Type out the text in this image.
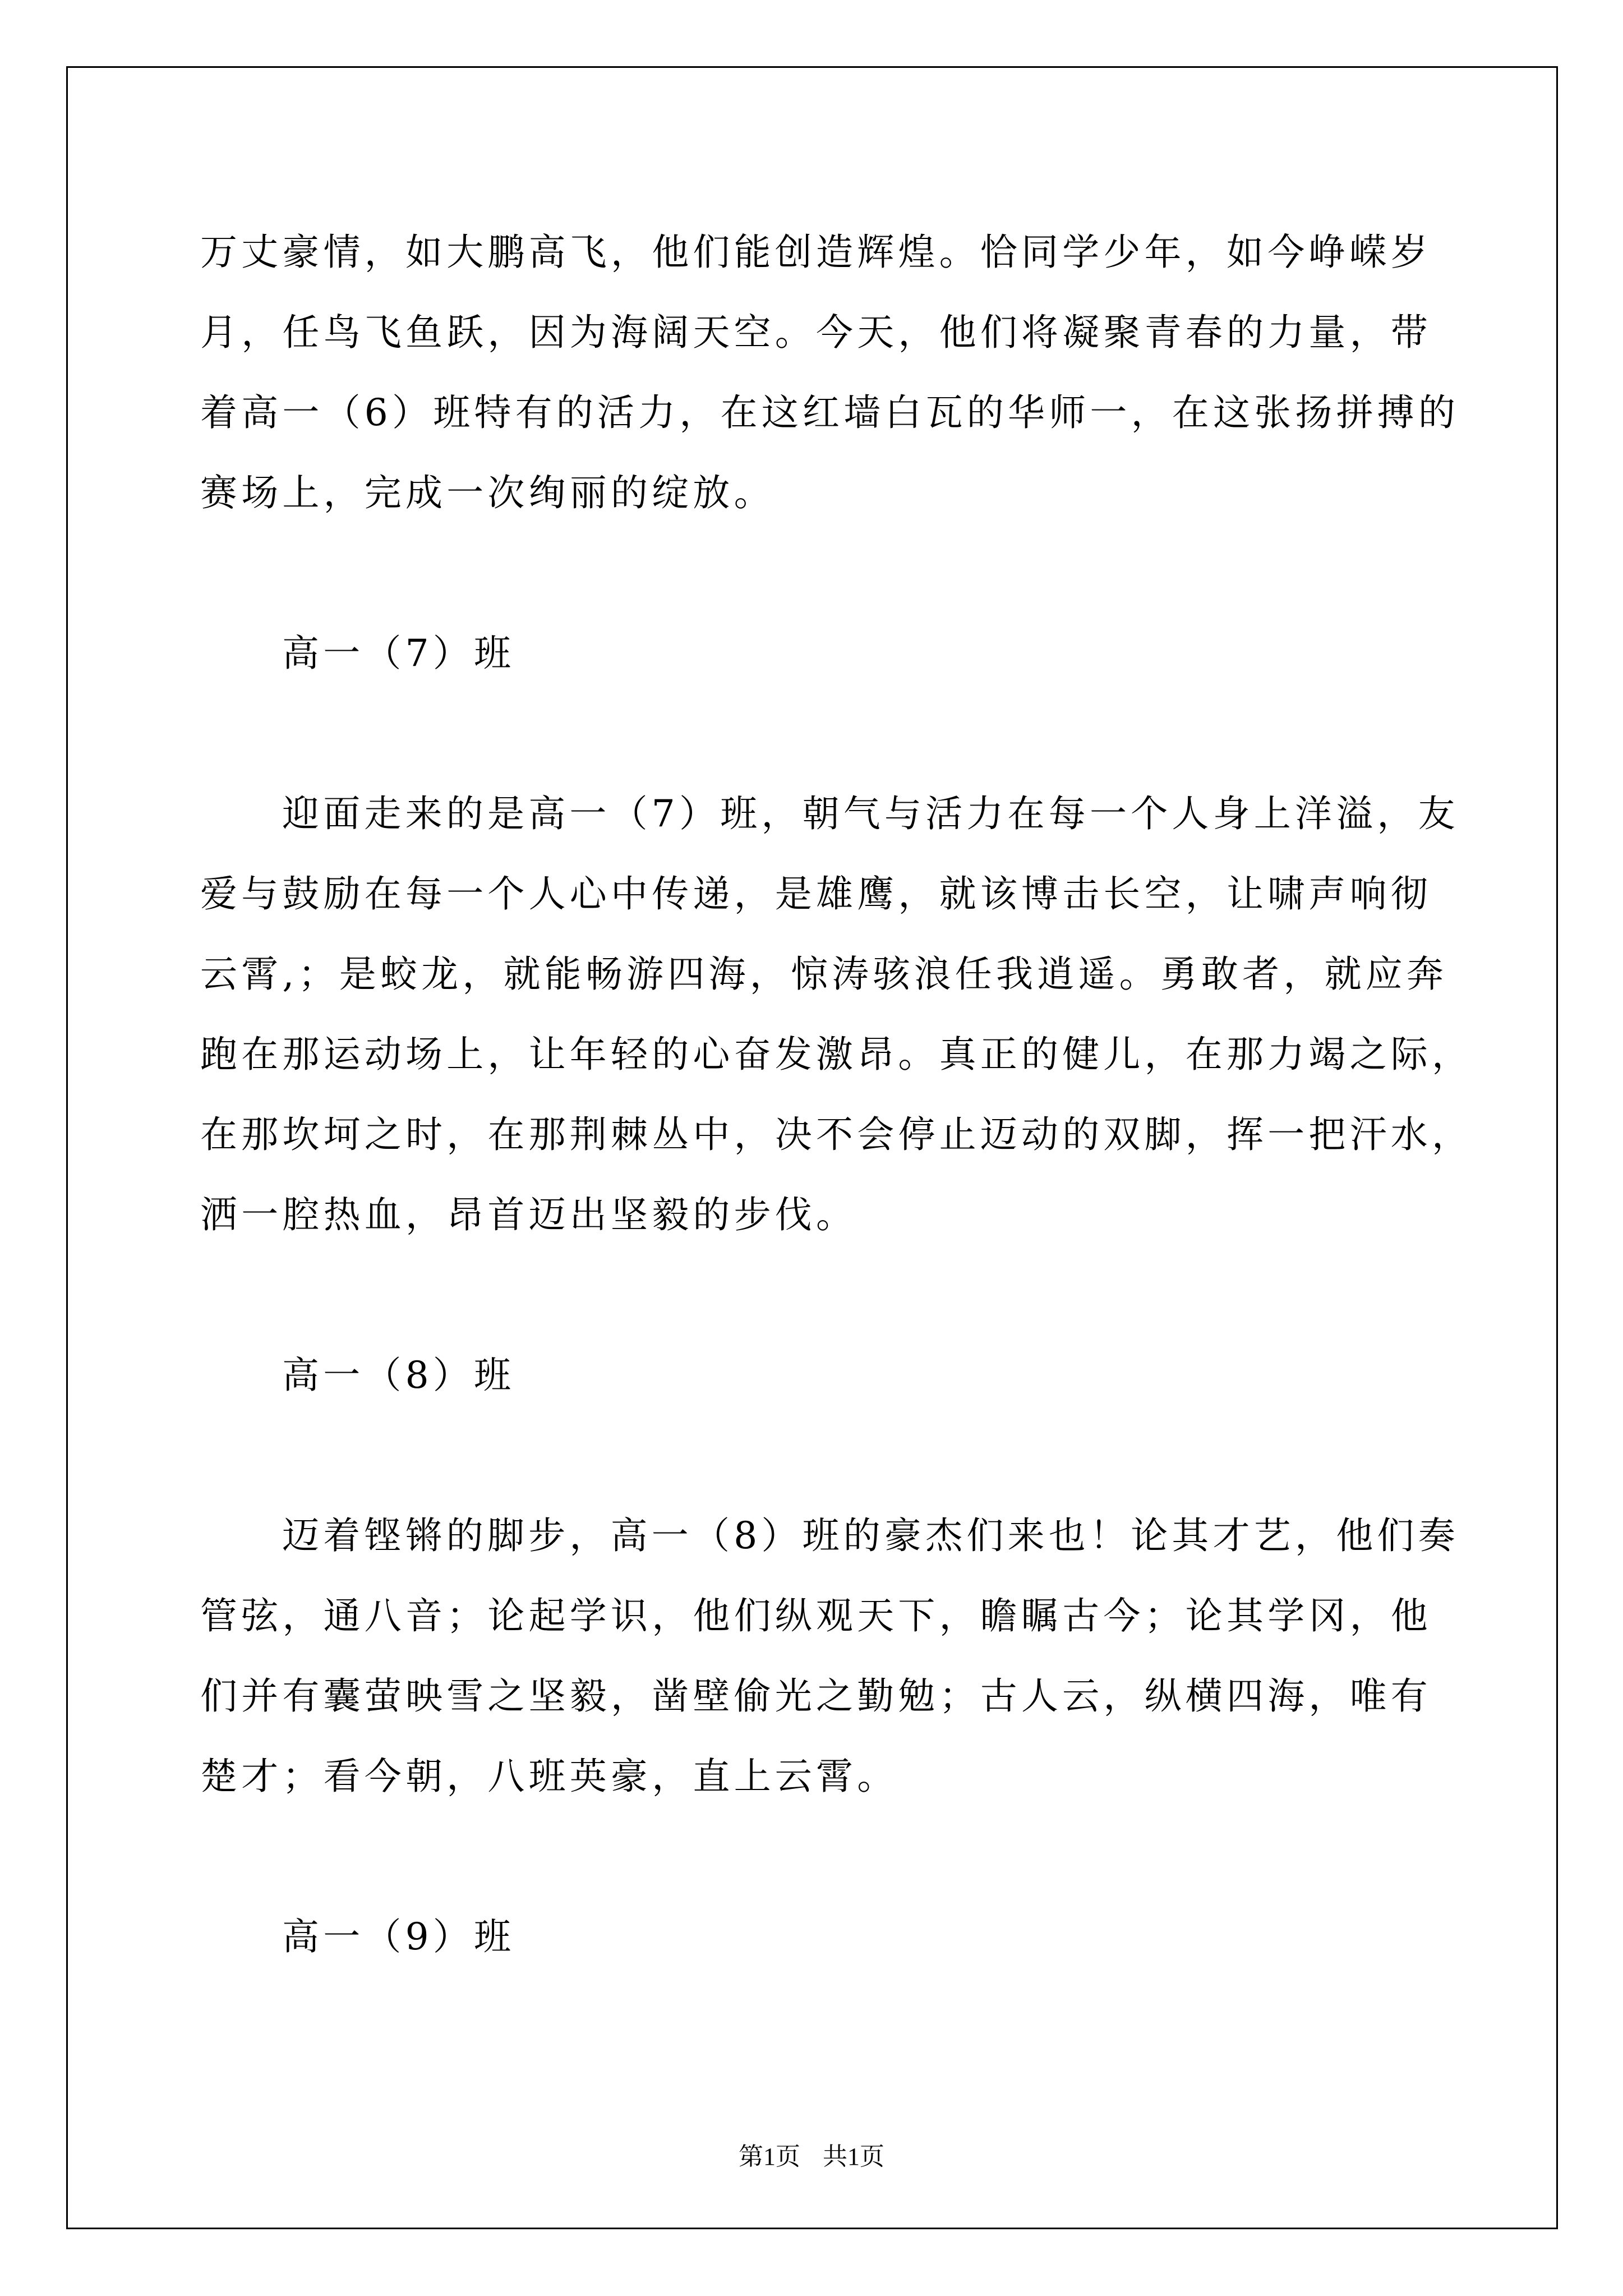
万丈豪情，如大鹏高飞，他们能创造辉煌。恰同学少年，如今峥嵘岁
月，任鸟飞鱼跃，因为海阔天空。今天，他们将凝聚青春的力量，带
着高一（6）班特有的活力，在这红墙白瓦的华师一，在这张扬拼搏的
赛场上，完成一次绚丽的绽放。
高一（7）班
迎面走来的是高一（7）班，朝气与活力在每一个人身上洋溢，友
爱与鼓励在每一个人心中传递，是雄鹰，就该博击长空，让啸声响彻
云霄,；是蛟龙，就能畅游四海，惊涛骇浪任我逍遥。勇敢者，就应奔
跑在那运动场上，让年轻的心奋发激昂。真正的健儿，在那力竭之际，
在那坎坷之时，在那荆棘丛中，决不会停止迈动的双脚，挥一把汗水，
洒一腔热血，昂首迈出坚毅的步伐。
高一（8）班
迈着铿锵的脚步，高一（8）班的豪杰们来也！论其才艺，他们奏
管弦，通八音；论起学识，他们纵观天下，瞻瞩古今；论其学冈，他
们并有囊萤映雪之坚毅，凿壁偷光之勤勉；古人云，纵横四海，唯有
楚才；看今朝，八班英豪，直上云霄。
高一（9）班
第1页 共1页
